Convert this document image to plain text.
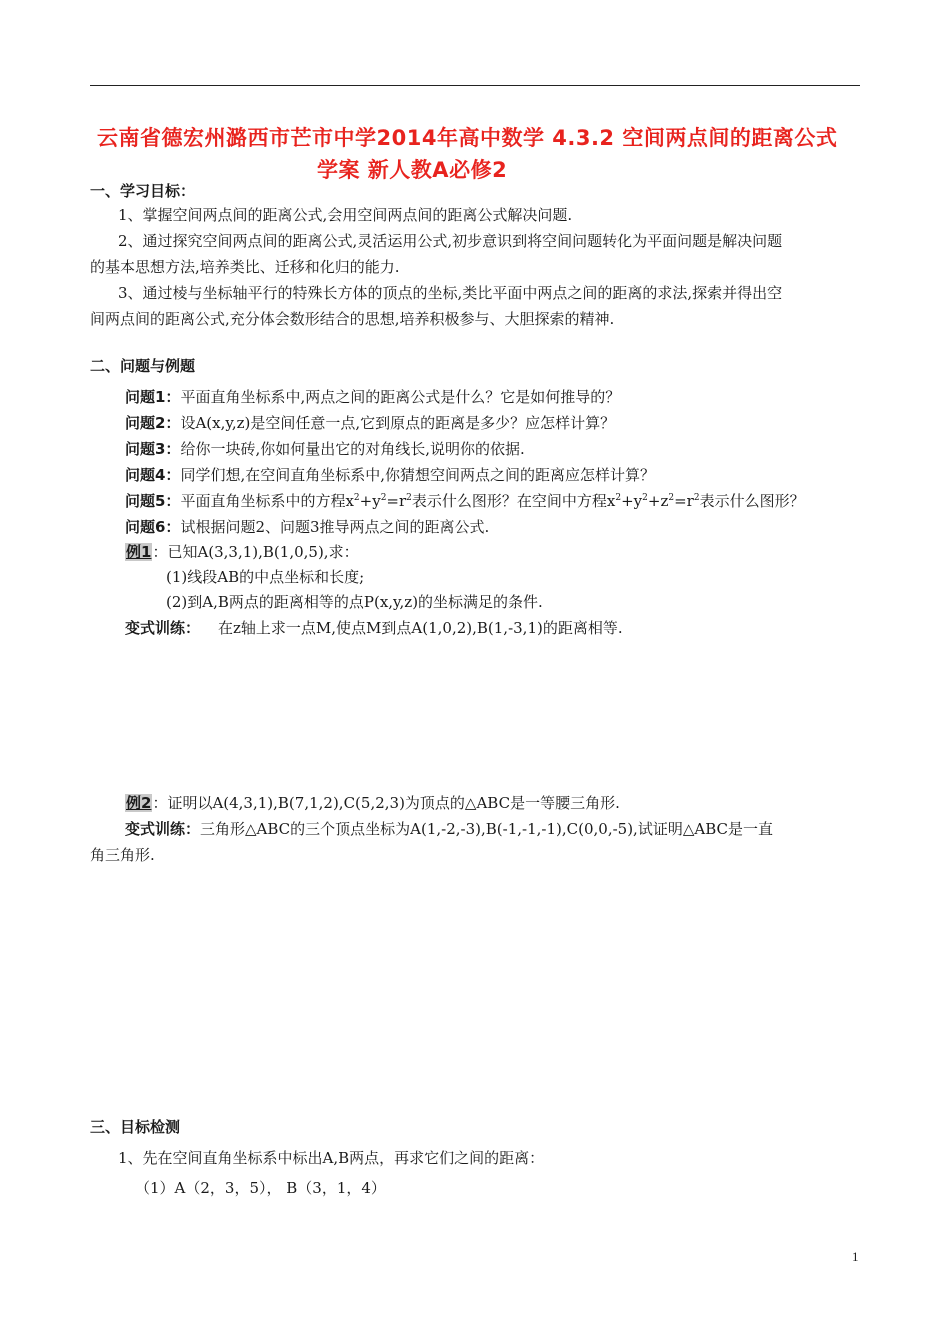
云南省德宏州潞西市芒市中学2014年高中数学 4.3.2 空间两点间的距离公式
学案 新人教A必修2
一、学习目标：
1、掌握空间两点间的距离公式,会用空间两点间的距离公式解决问题.
2、通过探究空间两点间的距离公式,灵活运用公式,初步意识到将空间问题转化为平面问题是解决问题
的基本思想方法,培养类比、迁移和化归的能力.
3、通过棱与坐标轴平行的特殊长方体的顶点的坐标,类比平面中两点之间的距离的求法,探索并得出空
间两点间的距离公式,充分体会数形结合的思想,培养积极参与、大胆探索的精神.
二、问题与例题
问题1：平面直角坐标系中,两点之间的距离公式是什么？它是如何推导的？
问题2：设A(x,y,z)是空间任意一点,它到原点的距离是多少？应怎样计算？
问题3：给你一块砖,你如何量出它的对角线长,说明你的依据.
问题4：同学们想,在空间直角坐标系中,你猜想空间两点之间的距离应怎样计算？
问题5：平面直角坐标系中的方程$x^2+y^2=r^2$表示什么图形？在空间中方程$x^2+y^2+z^2=r^2$表示什么图形？
问题6：试根据问题2、问题3推导两点之间的距离公式.
例1：已知A(3,3,1),B(1,0,5),求：
(1)线段AB的中点坐标和长度;
(2)到A,B两点的距离相等的点P(x,y,z)的坐标满足的条件.
变式训练： 在z轴上求一点M,使点M到点A(1,0,2),B(1,-3,1)的距离相等.
例2：证明以A(4,3,1),B(7,1,2),C(5,2,3)为顶点的△ABC是一等腰三角形.
变式训练：三角形△ABC的三个顶点坐标为A(1,-2,-3),B(-1,-1,-1),C(0,0,-5),试证明△ABC是一直
角三角形.
三、目标检测
1、先在空间直角坐标系中标出A,B两点，再求它们之间的距离：
（1）A（2，3，5）， B（3，1，4）
1
